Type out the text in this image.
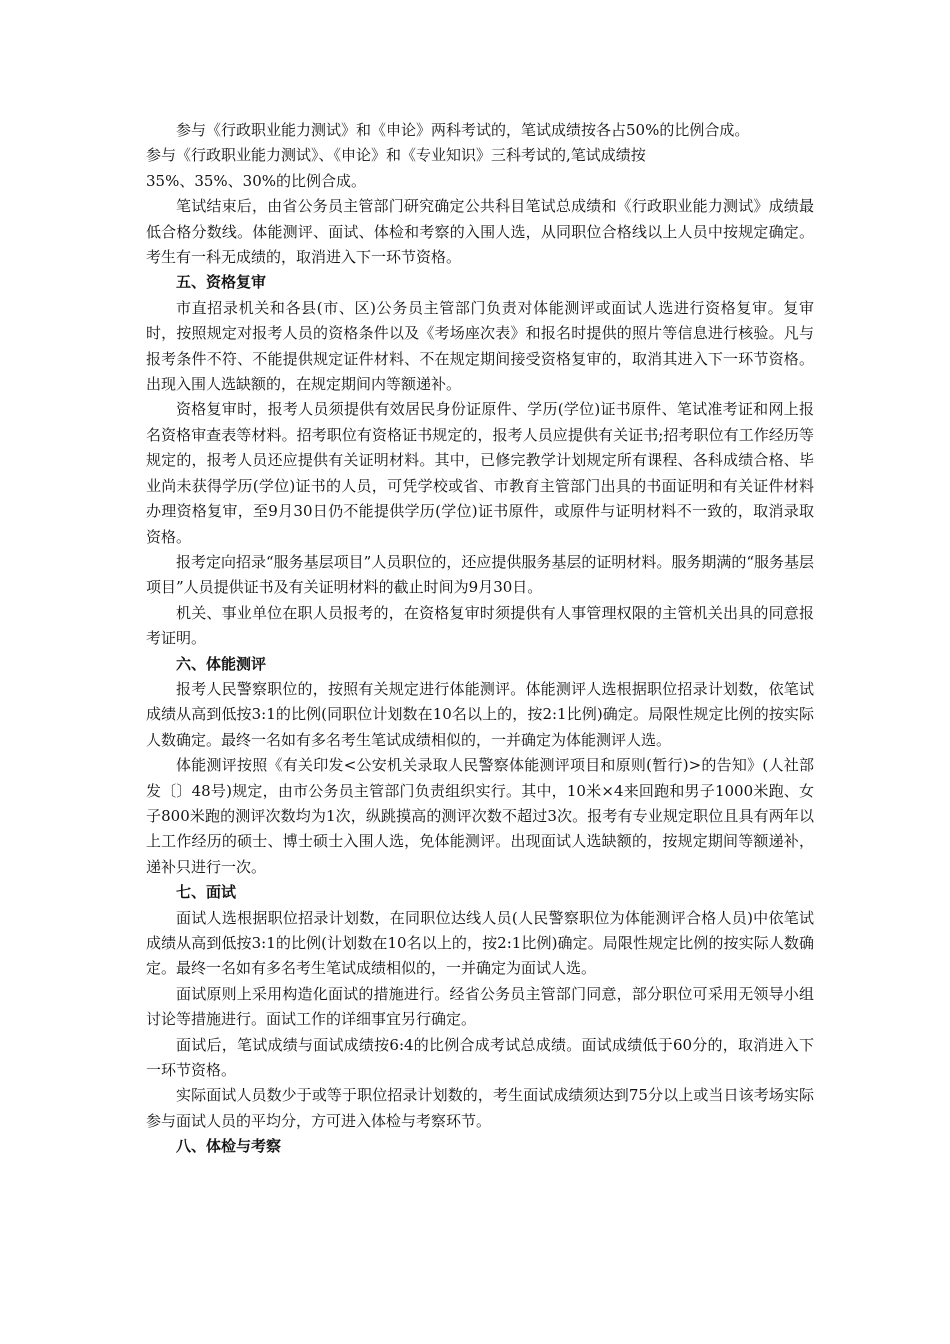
参与《行政职业能力测试》和《申论》两科考试的，笔试成绩按各占50%的比例合成。

参与《行政职业能力测试》、《申论》和《专业知识》三科考试的,笔试成绩按

35%、35%、30%的比例合成。

笔试结束后，由省公务员主管部门研究确定公共科目笔试总成绩和《行政职业能力测试》成绩最低合格分数线。体能测评、面试、体检和考察的入围人选，从同职位合格线以上人员中按规定确定。考生有一科无成绩的，取消进入下一环节资格。

五、资格复审

市直招录机关和各县(市、区)公务员主管部门负责对体能测评或面试人选进行资格复审。复审时，按照规定对报考人员的资格条件以及《考场座次表》和报名时提供的照片等信息进行核验。凡与报考条件不符、不能提供规定证件材料、不在规定期间接受资格复审的，取消其进入下一环节资格。出现入围人选缺额的，在规定期间内等额递补。

资格复审时，报考人员须提供有效居民身份证原件、学历(学位)证书原件、笔试准考证和网上报名资格审查表等材料。招考职位有资格证书规定的，报考人员应提供有关证书;招考职位有工作经历等规定的，报考人员还应提供有关证明材料。其中，已修完教学计划规定所有课程、各科成绩合格、毕业尚未获得学历(学位)证书的人员，可凭学校或省、市教育主管部门出具的书面证明和有关证件材料办理资格复审，至9月30日仍不能提供学历(学位)证书原件，或原件与证明材料不一致的，取消录取资格。

报考定向招录“服务基层项目”人员职位的，还应提供服务基层的证明材料。服务期满的“服务基层项目”人员提供证书及有关证明材料的截止时间为9月30日。

机关、事业单位在职人员报考的，在资格复审时须提供有人事管理权限的主管机关出具的同意报考证明。

六、体能测评

报考人民警察职位的，按照有关规定进行体能测评。体能测评人选根据职位招录计划数，依笔试成绩从高到低按3:1的比例(同职位计划数在10名以上的，按2:1比例)确定。局限性规定比例的按实际人数确定。最终一名如有多名考生笔试成绩相似的，一并确定为体能测评人选。

体能测评按照《有关印发<公安机关录取人民警察体能测评项目和原则(暂行)>的告知》(人社部发〔〕48号)规定，由市公务员主管部门负责组织实行。其中，10米×4来回跑和男子1000米跑、女子800米跑的测评次数均为1次，纵跳摸高的测评次数不超过3次。报考有专业规定职位且具有两年以上工作经历的硕士、博士硕士入围人选，免体能测评。出现面试人选缺额的，按规定期间等额递补，递补只进行一次。

七、面试

面试人选根据职位招录计划数，在同职位达线人员(人民警察职位为体能测评合格人员)中依笔试成绩从高到低按3:1的比例(计划数在10名以上的，按2:1比例)确定。局限性规定比例的按实际人数确定。最终一名如有多名考生笔试成绩相似的，一并确定为面试人选。

面试原则上采用构造化面试的措施进行。经省公务员主管部门同意，部分职位可采用无领导小组讨论等措施进行。面试工作的详细事宜另行确定。

面试后，笔试成绩与面试成绩按6:4的比例合成考试总成绩。面试成绩低于60分的，取消进入下一环节资格。

实际面试人员数少于或等于职位招录计划数的，考生面试成绩须达到75分以上或当日该考场实际参与面试人员的平均分，方可进入体检与考察环节。

八、体检与考察
